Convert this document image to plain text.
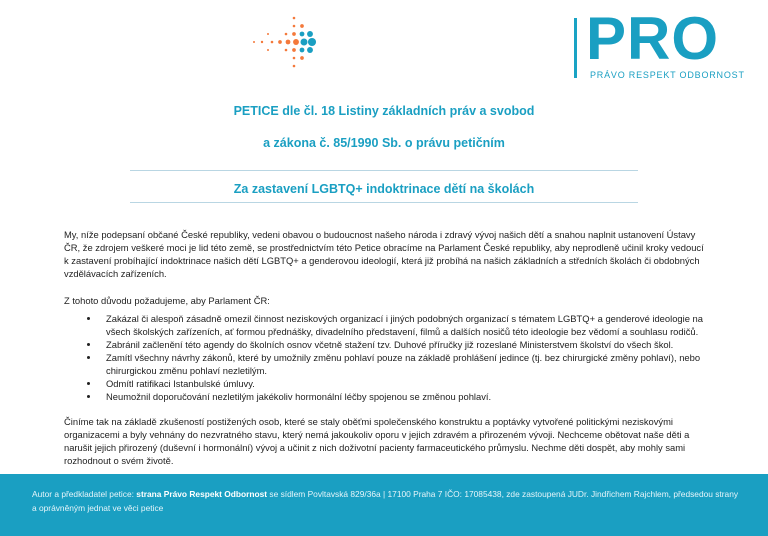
PRO
PRÁVO RESPEKT ODBORNOST
PETICE dle čl. 18 Listiny základních práv a svobod
a zákona č. 85/1990 Sb. o právu petičním
Za zastavení LGBTQ+ indoktrinace dětí na školách

My, níže podepsaní občané České republiky, vedeni obavou o budoucnost našeho národa i zdravý vývoj našich dětí a snahou naplnit ustanovení Ústavy ČR, že zdrojem veškeré moci je lid této země, se prostřednictvím této Petice obracíme na Parlament České republiky, aby neprodleně učinil kroky vedoucí k zastavení probíhající indoktrinace našich dětí LGBTQ+ a genderovou ideologií, která již probíhá na našich základních a středních školách či obdobných vzdělávacích zařízeních.

Z tohoto důvodu požadujeme, aby Parlament ČR:

• Zakázal či alespoň zásadně omezil činnost neziskových organizací i jiných podobných organizací s tématem LGBTQ+ a genderové ideologie na všech školských zařízeních, ať formou přednášky, divadelního představení, filmů a dalších nosičů této ideologie bez vědomí a souhlasu rodičů.
• Zabránil začlenění této agendy do školních osnov včetně stažení tzv. Duhové příručky již rozeslané Ministerstvem školství do všech škol.
• Zamítl všechny návrhy zákonů, které by umožnily změnu pohlaví pouze na základě prohlášení jedince (tj. bez chirurgické změny pohlaví), nebo chirurgickou změnu pohlaví nezletilým.
• Odmítl ratifikaci Istanbulské úmluvy.
• Neumožnil doporučování nezletilým jakékoliv hormonální léčby spojenou se změnou pohlaví.

Činíme tak na základě zkušeností postižených osob, které se staly oběťmi společenského konstruktu a poptávky vytvořené politickými neziskovými organizacemi a byly vehnány do nezvratného stavu, který nemá jakoukoliv oporu v jejich zdravém a přirozeném vývoji. Nechceme obětovat naše děti a narušit jejich přirozený (duševní i hormonální) vývoj a učinit z nich doživotní pacienty farmaceutického průmyslu. Nechme děti dospět, aby mohly sami rozhodnout o svém životě.

Autor a předkladatel petice: strana Právo Respekt Odbornost se sídlem Povltavská 829/36a | 17100 Praha 7 IČO: 17085438, zde zastoupená JUDr. Jindřichem Rajchlem, předsedou strany a oprávněným jednat ve věci petice
